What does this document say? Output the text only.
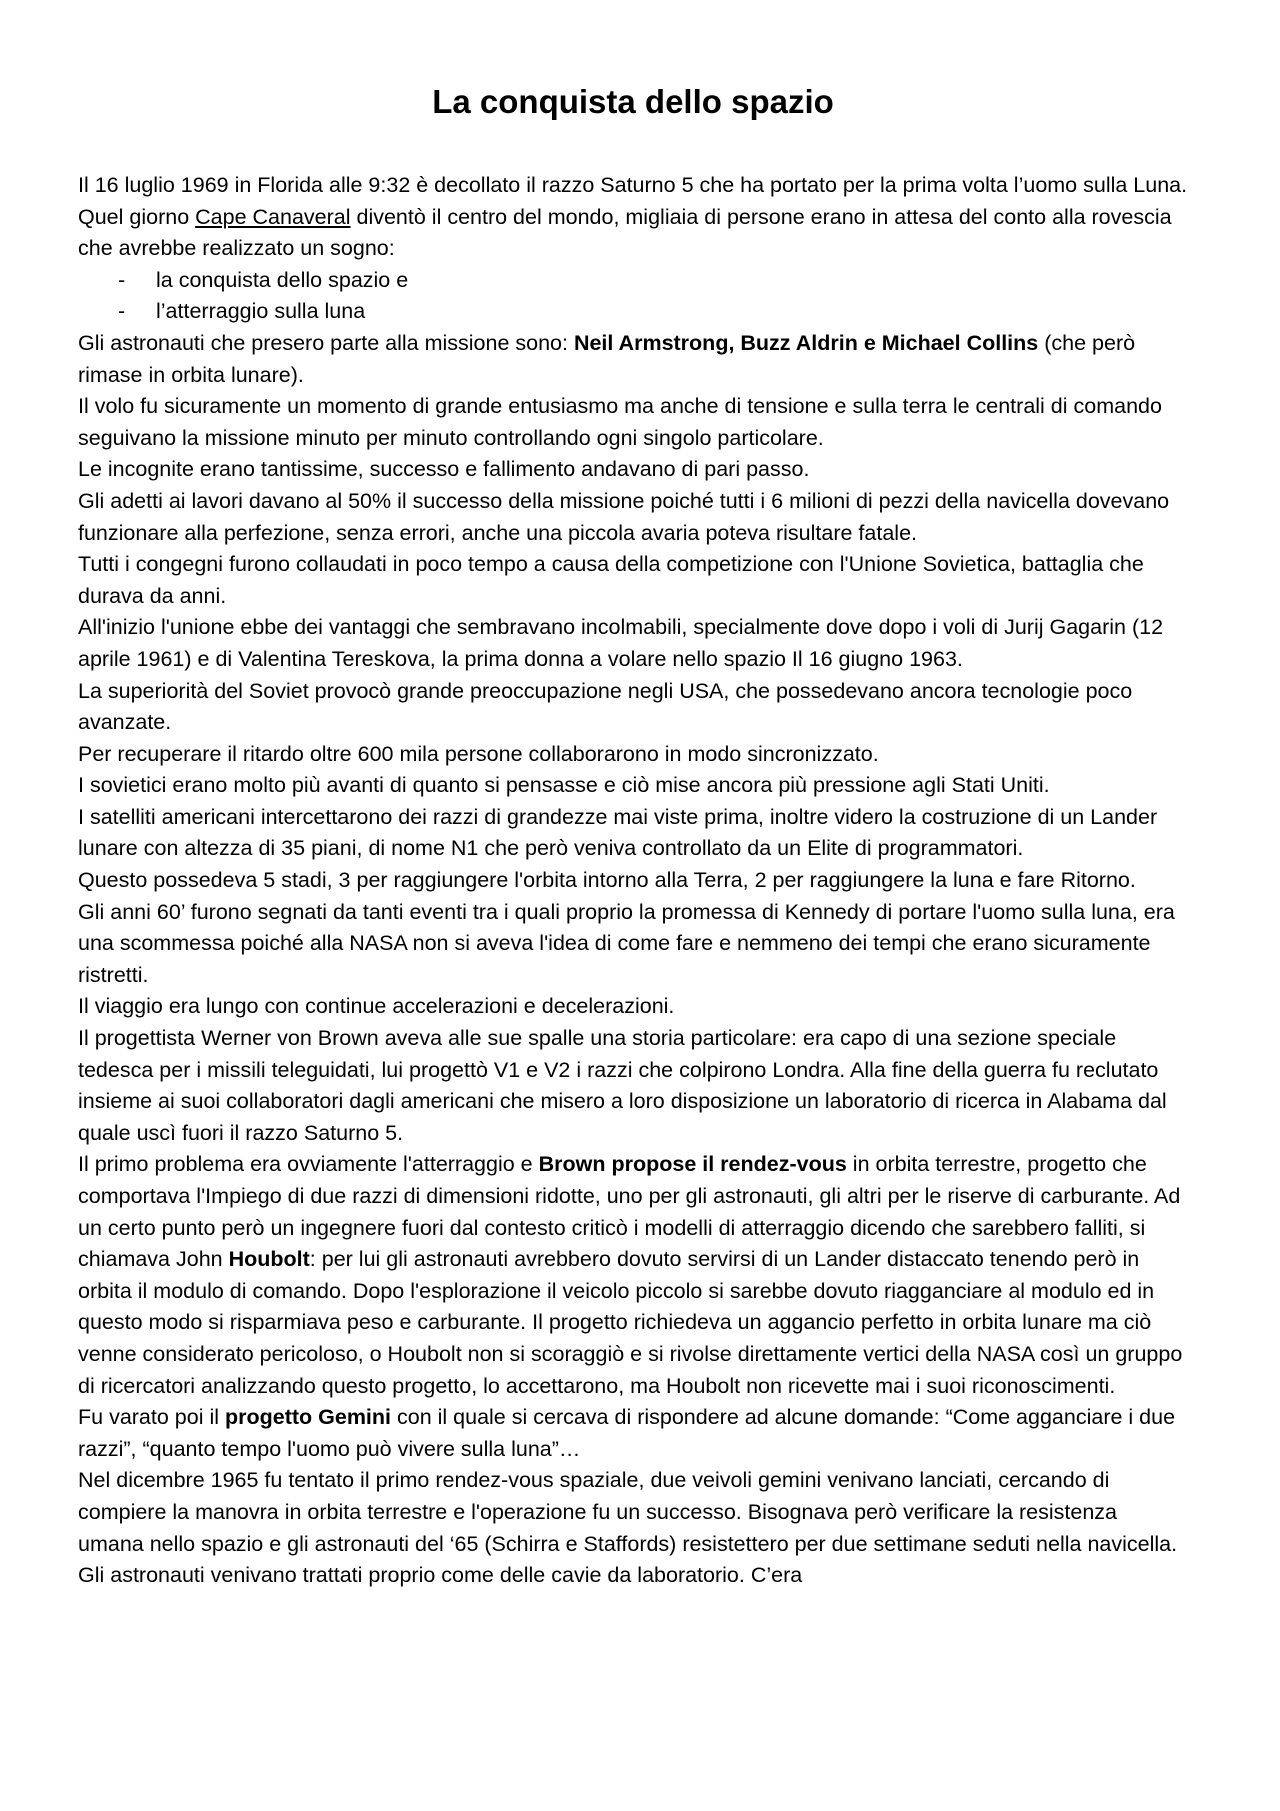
La conquista dello spazio

Il 16 luglio 1969 in Florida alle 9:32 è decollato il razzo Saturno 5 che ha portato per la prima volta l’uomo sulla Luna.

Quel giorno Cape Canaveral diventò il centro del mondo, migliaia di persone erano in attesa del conto alla rovescia che avrebbe realizzato un sogno:

- la conquista dello spazio e
- l’atterraggio sulla luna

Gli astronauti che presero parte alla missione sono: Neil Armstrong, Buzz Aldrin e Michael Collins (che però rimase in orbita lunare).

Il volo fu sicuramente un momento di grande entusiasmo ma anche di tensione e sulla terra le centrali di comando seguivano la missione minuto per minuto controllando ogni singolo particolare.

Le incognite erano tantissime, successo e fallimento andavano di pari passo.

Gli adetti ai lavori davano al 50% il successo della missione poiché tutti i 6 milioni di pezzi della navicella dovevano funzionare alla perfezione, senza errori, anche una piccola avaria poteva risultare fatale.

Tutti i congegni furono collaudati in poco tempo a causa della competizione con l'Unione Sovietica, battaglia che durava da anni.

All'inizio l'unione ebbe dei vantaggi che sembravano incolmabili, specialmente dove dopo i voli di Jurij Gagarin (12 aprile 1961) e di Valentina Tereskova, la prima donna a volare nello spazio Il 16 giugno 1963.

La superiorità del Soviet provocò grande preoccupazione negli USA, che possedevano ancora tecnologie poco avanzate.

Per recuperare il ritardo oltre 600 mila persone collaborarono in modo sincronizzato.

I sovietici erano molto più avanti di quanto si pensasse e ciò mise ancora più pressione agli Stati Uniti.

I satelliti americani intercettarono dei razzi di grandezze mai viste prima, inoltre videro la costruzione di un Lander lunare con altezza di 35 piani, di nome N1 che però veniva controllato da un Elite di programmatori.

Questo possedeva 5 stadi, 3 per raggiungere l'orbita intorno alla Terra, 2 per raggiungere la luna e fare Ritorno.

Gli anni 60’ furono segnati da tanti eventi tra i quali proprio la promessa di Kennedy di portare l'uomo sulla luna, era una scommessa poiché alla NASA non si aveva l'idea di come fare e nemmeno dei tempi che erano sicuramente ristretti.

Il viaggio era lungo con continue accelerazioni e decelerazioni.

Il progettista Werner von Brown aveva alle sue spalle una storia particolare: era capo di una sezione speciale tedesca per i missili teleguidati, lui progettò V1 e V2 i razzi che colpirono Londra. Alla fine della guerra fu reclutato insieme ai suoi collaboratori dagli americani che misero a loro disposizione un laboratorio di ricerca in Alabama dal quale uscì fuori il razzo Saturno 5.

Il primo problema era ovviamente l'atterraggio e Brown propose il rendez-vous in orbita terrestre, progetto che comportava l'Impiego di due razzi di dimensioni ridotte, uno per gli astronauti, gli altri per le riserve di carburante. Ad un certo punto però un ingegnere fuori dal contesto criticò i modelli di atterraggio dicendo che sarebbero falliti, si chiamava John Houbolt: per lui gli astronauti avrebbero dovuto servirsi di un Lander distaccato tenendo però in orbita il modulo di comando. Dopo l'esplorazione il veicolo piccolo si sarebbe dovuto riagganciare al modulo ed in questo modo si risparmiava peso e carburante. Il progetto richiedeva un aggancio perfetto in orbita lunare ma ciò venne considerato pericoloso, o Houbolt non si scoraggiò e si rivolse direttamente vertici della NASA così un gruppo di ricercatori analizzando questo progetto, lo accettarono, ma Houbolt non ricevette mai i suoi riconoscimenti.

Fu varato poi il progetto Gemini con il quale si cercava di rispondere ad alcune domande: “Come agganciare i due razzi”, “quanto tempo l'uomo può vivere sulla luna”…

Nel dicembre 1965 fu tentato il primo rendez-vous spaziale, due veivoli gemini venivano lanciati, cercando di compiere la manovra in orbita terrestre e l'operazione fu un successo. Bisognava però verificare la resistenza umana nello spazio e gli astronauti del ‘65 (Schirra e Staffords) resistettero per due settimane seduti nella navicella. Gli astronauti venivano trattati proprio come delle cavie da laboratorio. C’era
